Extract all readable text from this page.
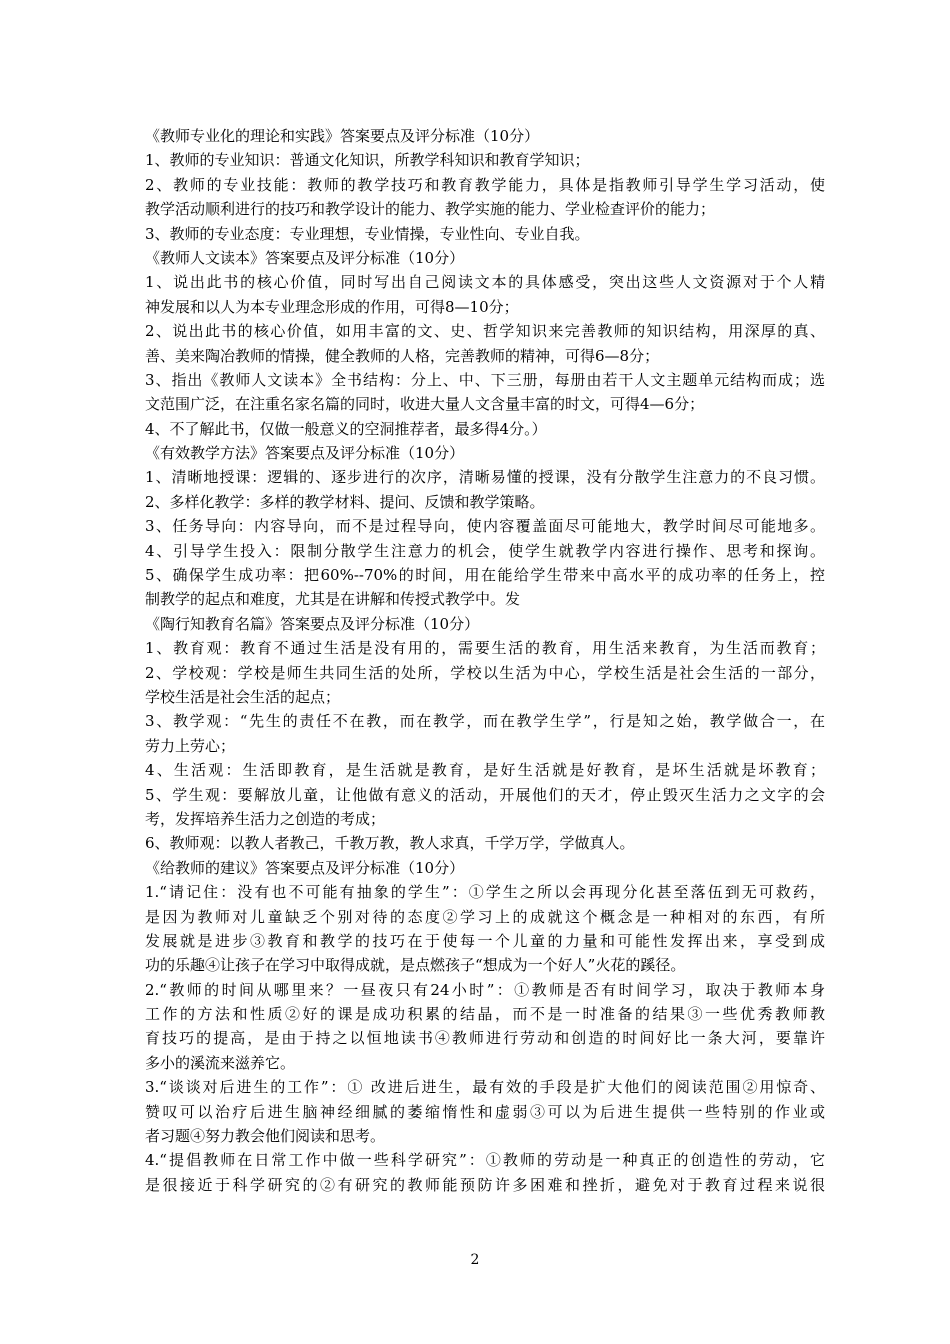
《教师专业化的理论和实践》答案要点及评分标准（10分）
1、教师的专业知识：普通文化知识，所教学科知识和教育学知识；
2、教师的专业技能：教师的教学技巧和教育教学能力，具体是指教师引导学生学习活动，使
教学活动顺利进行的技巧和教学设计的能力、教学实施的能力、学业检查评价的能力；
3、教师的专业态度：专业理想，专业情操，专业性向、专业自我。
《教师人文读本》答案要点及评分标准（10分）
1、说出此书的核心价值，同时写出自己阅读文本的具体感受，突出这些人文资源对于个人精
神发展和以人为本专业理念形成的作用，可得8—10分；
2、说出此书的核心价值，如用丰富的文、史、哲学知识来完善教师的知识结构，用深厚的真、
善、美来陶冶教师的情操，健全教师的人格，完善教师的精神，可得6—8分；
3、指出《教师人文读本》全书结构：分上、中、下三册，每册由若干人文主题单元结构而成；选
文范围广泛，在注重名家名篇的同时，收进大量人文含量丰富的时文，可得4—6分；
4、不了解此书，仅做一般意义的空洞推荐者，最多得4分。）
《有效教学方法》答案要点及评分标准（10分）
1、清晰地授课：逻辑的、逐步进行的次序，清晰易懂的授课，没有分散学生注意力的不良习惯。
2、多样化教学：多样的教学材料、提问、反馈和教学策略。
3、任务导向：内容导向，而不是过程导向，使内容覆盖面尽可能地大，教学时间尽可能地多。
4、引导学生投入：限制分散学生注意力的机会，使学生就教学内容进行操作、思考和探询。
5、确保学生成功率：把60%--70%的时间，用在能给学生带来中高水平的成功率的任务上，控
制教学的起点和难度，尤其是在讲解和传授式教学中。发
《陶行知教育名篇》答案要点及评分标准（10分）
1、教育观：教育不通过生活是没有用的，需要生活的教育，用生活来教育，为生活而教育；
2、学校观：学校是师生共同生活的处所，学校以生活为中心，学校生活是社会生活的一部分，
学校生活是社会生活的起点；
3、教学观：“先生的责任不在教，而在教学，而在教学生学”，行是知之始，教学做合一，在
劳力上劳心；
4、生活观：生活即教育，是生活就是教育，是好生活就是好教育，是坏生活就是坏教育；
5、学生观：要解放儿童，让他做有意义的活动，开展他们的天才，停止毁灭生活力之文字的会
考，发挥培养生活力之创造的考成；
6、教师观：以教人者教己，千教万教，教人求真，千学万学，学做真人。
《给教师的建议》答案要点及评分标准（10分）
1.“请记住：没有也不可能有抽象的学生”：①学生之所以会再现分化甚至落伍到无可救药，
是因为教师对儿童缺乏个别对待的态度②学习上的成就这个概念是一种相对的东西，有所
发展就是进步③教育和教学的技巧在于使每一个儿童的力量和可能性发挥出来，享受到成
功的乐趣④让孩子在学习中取得成就，是点燃孩子“想成为一个好人”火花的蹊径。
2.“教师的时间从哪里来？一昼夜只有24小时”：①教师是否有时间学习，取决于教师本身
工作的方法和性质②好的课是成功积累的结晶，而不是一时准备的结果③一些优秀教师教
育技巧的提高，是由于持之以恒地读书④教师进行劳动和创造的时间好比一条大河，要靠许
多小的溪流来滋养它。
3.“谈谈对后进生的工作”：① 改进后进生，最有效的手段是扩大他们的阅读范围②用惊奇、
赞叹可以治疗后进生脑神经细腻的萎缩惰性和虚弱③可以为后进生提供一些特别的作业或
者习题④努力教会他们阅读和思考。
4.“提倡教师在日常工作中做一些科学研究”：①教师的劳动是一种真正的创造性的劳动，它
是很接近于科学研究的②有研究的教师能预防许多困难和挫折，避免对于教育过程来说很
2
